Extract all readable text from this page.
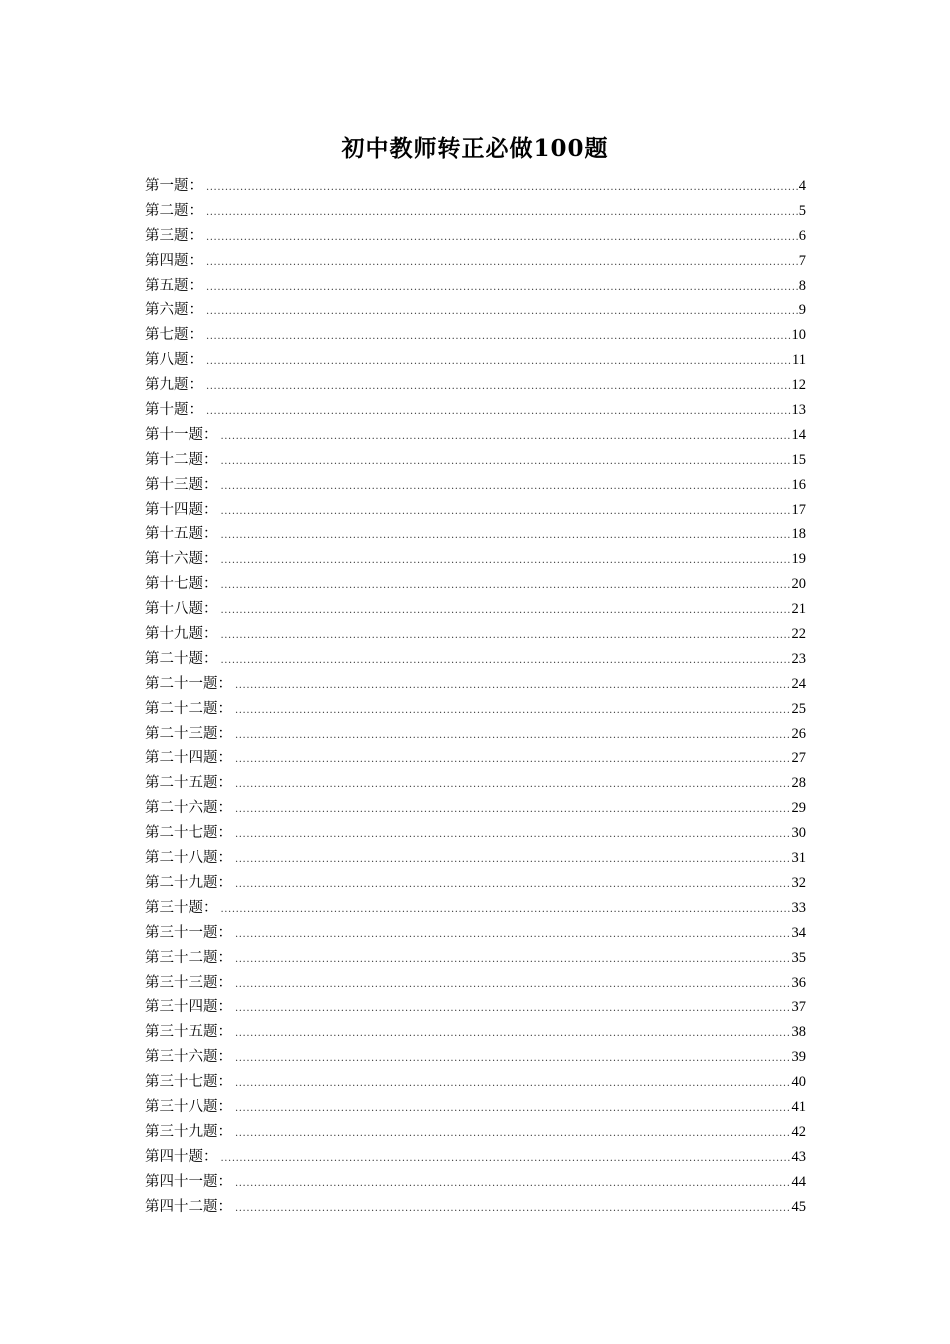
初中教师转正必做100题
第一题： .....	4
第二题： .....	5
第三题： .....	6
第四题： .....	7
第五题： .....	8
第六题： .....	9
第七题： .....	10
第八题： .....	11
第九题： .....	12
第十题： .....	13
第十一题： .....	14
第十二题： .....	15
第十三题： .....	16
第十四题： .....	17
第十五题： .....	18
第十六题： .....	19
第十七题： .....	20
第十八题： .....	21
第十九题： .....	22
第二十题： .....	23
第二十一题： .....	24
第二十二题： .....	25
第二十三题： .....	26
第二十四题： .....	27
第二十五题： .....	28
第二十六题： .....	29
第二十七题： .....	30
第二十八题： .....	31
第二十九题： .....	32
第三十题： .....	33
第三十一题： .....	34
第三十二题： .....	35
第三十三题： .....	36
第三十四题： .....	37
第三十五题： .....	38
第三十六题： .....	39
第三十七题： .....	40
第三十八题： .....	41
第三十九题： .....	42
第四十题： .....	43
第四十一题： .....	44
第四十二题： .....	45
